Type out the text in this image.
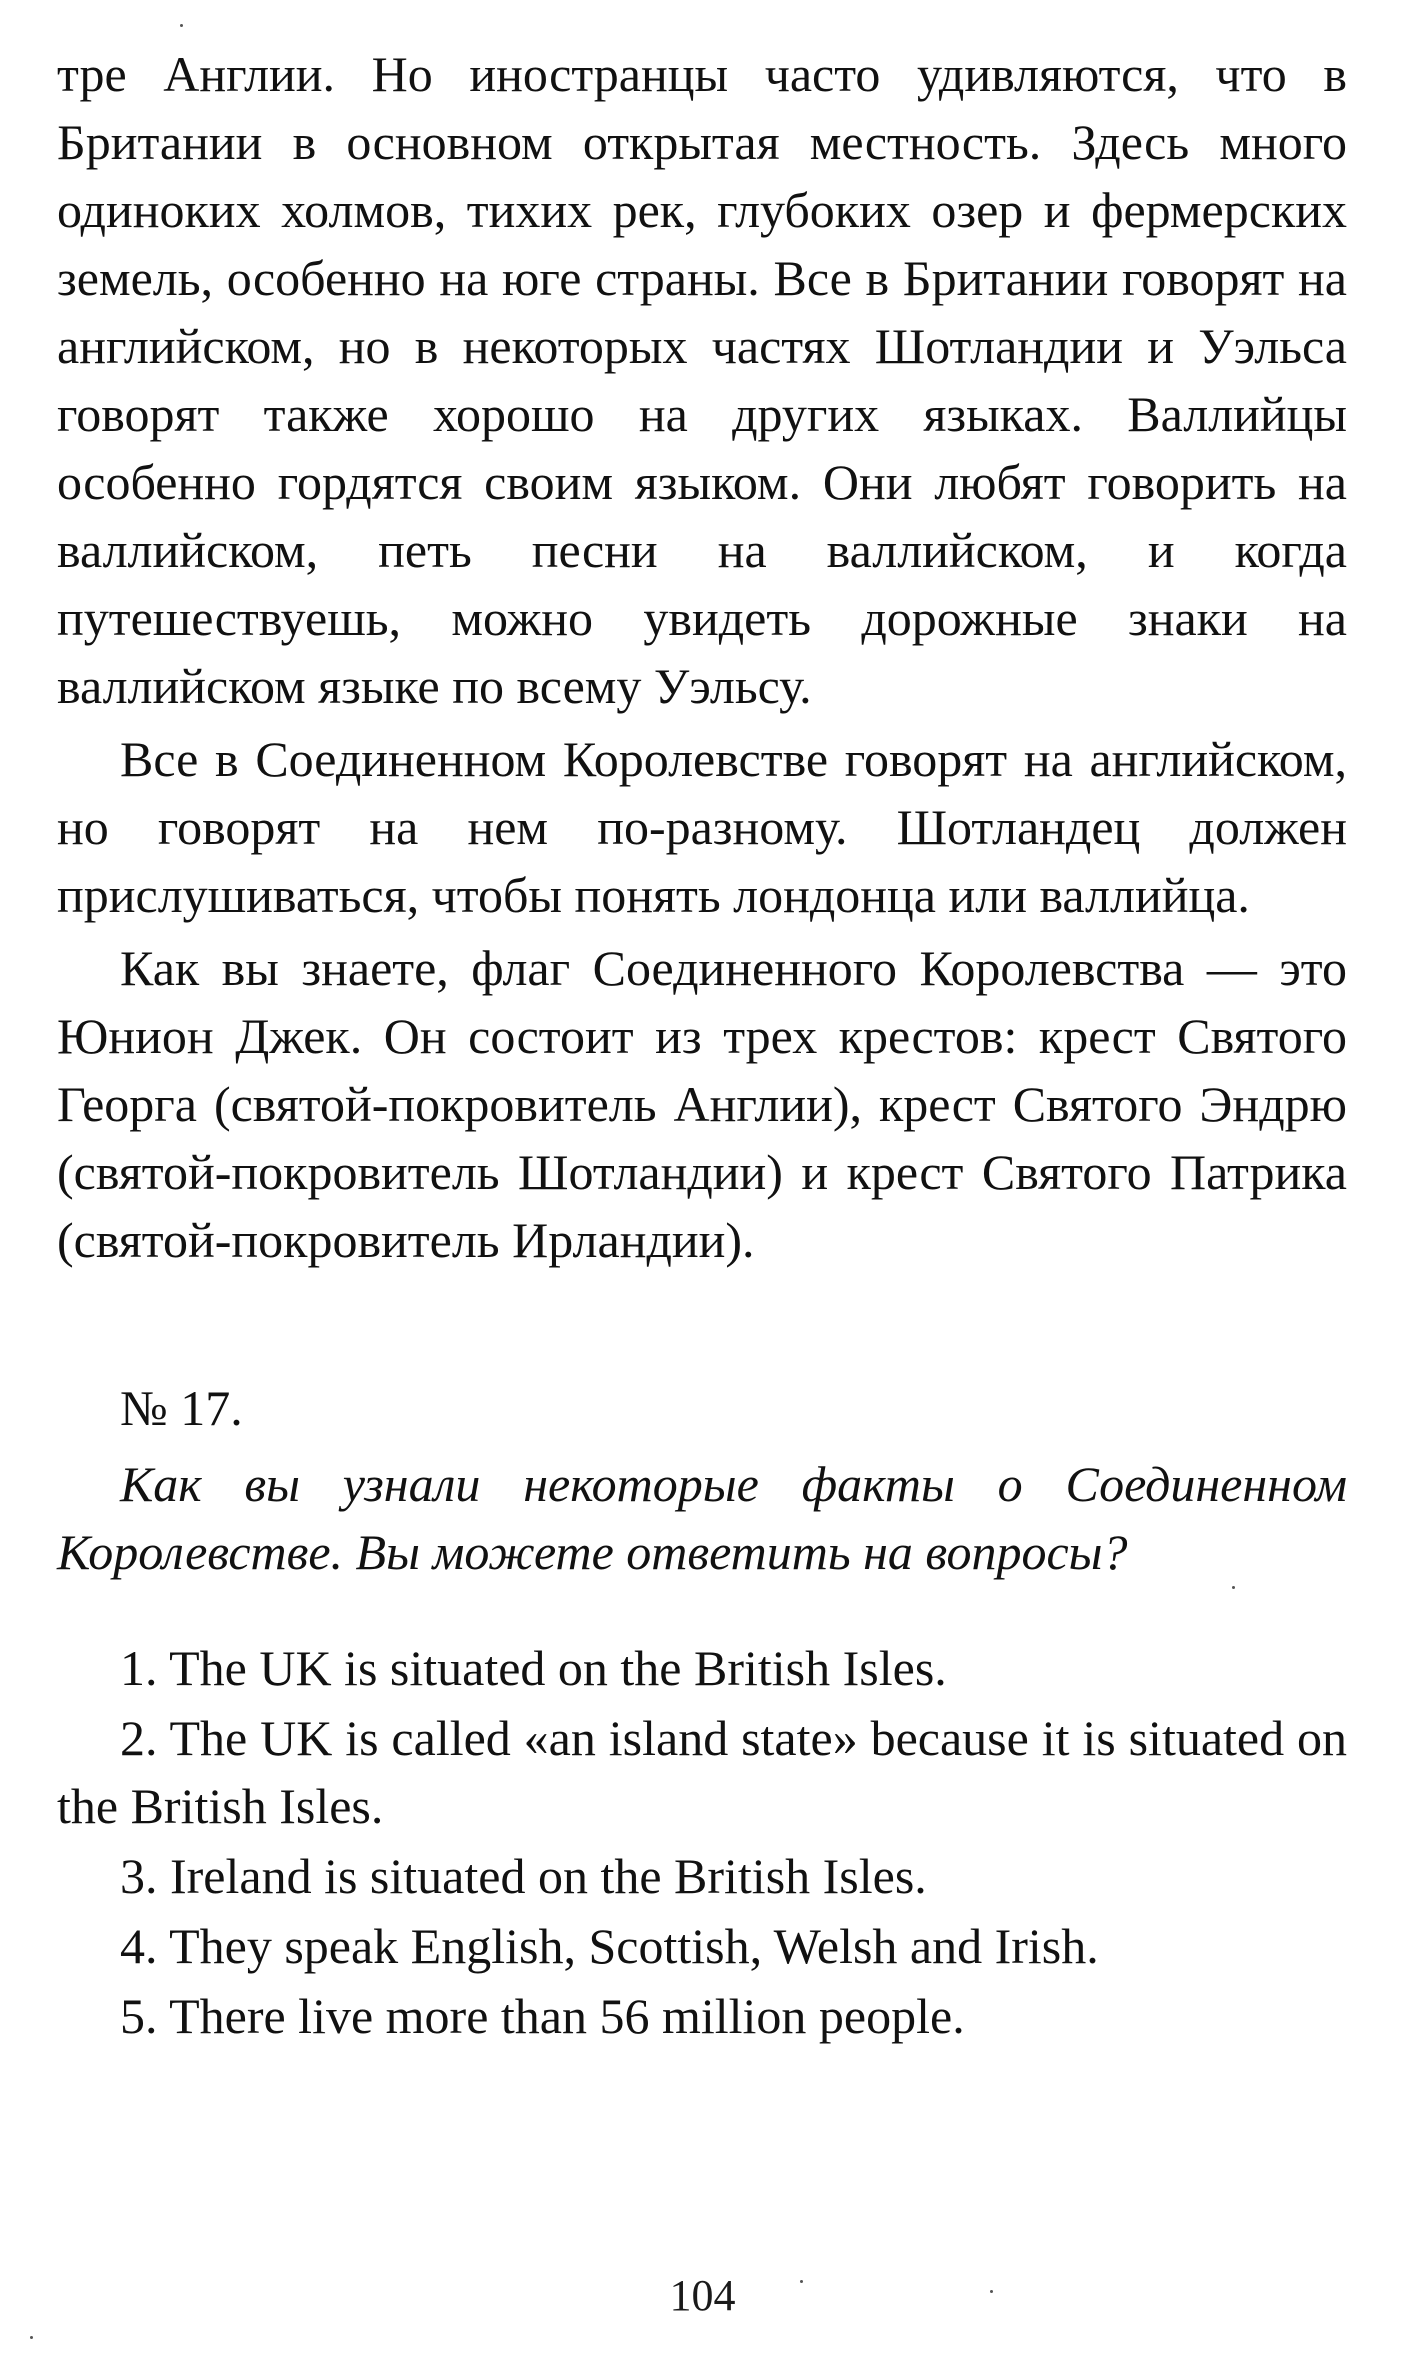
тре Англии. Но иностранцы часто удивляются, что в Британии в основном открытая местность. Здесь много одиноких холмов, тихих рек, глубоких озер и фермерских земель, особенно на юге страны. Все в Британии говорят на английском, но в некоторых частях Шотландии и Уэльса говорят также хорошо на других языках. Валлийцы особенно гордятся своим языком. Они любят говорить на валлийском, петь песни на валлийском, и когда путешествуешь, можно увидеть дорожные знаки на валлийском языке по всему Уэльсу.

Все в Соединенном Королевстве говорят на английском, но говорят на нем по-разному. Шотландец должен прислушиваться, чтобы понять лондонца или валлийца.

Как вы знаете, флаг Соединенного Королевства — это Юнион Джек. Он состоит из трех крестов: крест Святого Георга (святой-покровитель Англии), крест Святого Эндрю (святой-покровитель Шотландии) и крест Святого Патрика (святой-покровитель Ирландии).

№ 17.

Как вы узнали некоторые факты о Соединенном Королевстве. Вы можете ответить на вопросы?

1. The UK is situated on the British Isles.
2. The UK is called «an island state» because it is situated on the British Isles.
3. Ireland is situated on the British Isles.
4. They speak English, Scottish, Welsh and Irish.
5. There live more than 56 million people.
104
